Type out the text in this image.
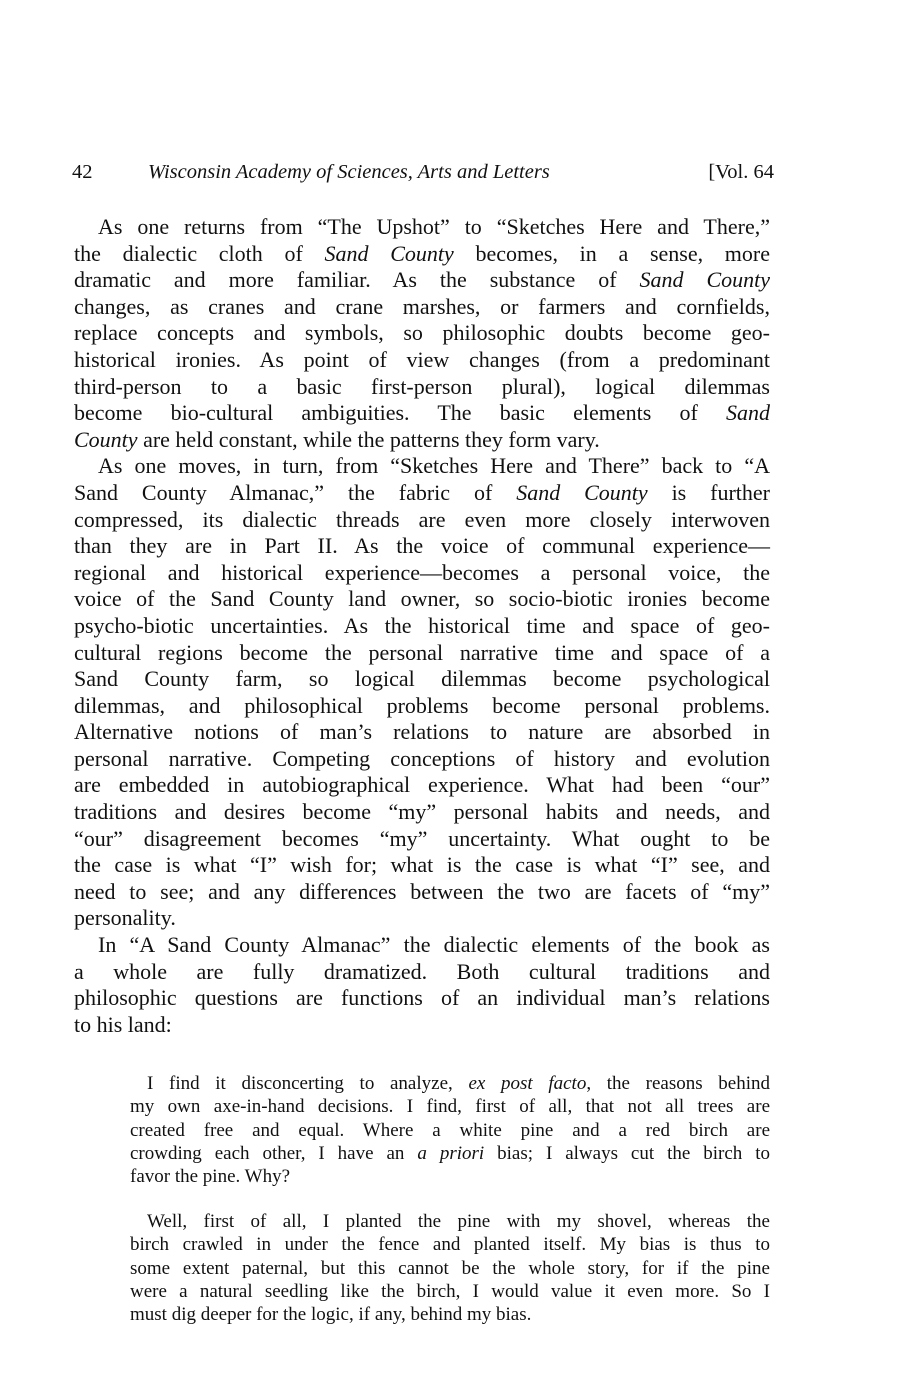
42	Wisconsin Academy of Sciences, Arts and Letters	[Vol. 64
As one returns from “The Upshot” to “Sketches Here and There,”
the dialectic cloth of Sand County becomes, in a sense, more
dramatic and more familiar. As the substance of Sand County
changes, as cranes and crane marshes, or farmers and cornfields,
replace concepts and symbols, so philosophic doubts become geo-
historical ironies. As point of view changes (from a predominant
third-person to a basic first-person plural), logical dilemmas
become bio-cultural ambiguities. The basic elements of Sand
County are held constant, while the patterns they form vary.
As one moves, in turn, from “Sketches Here and There” back to “A
Sand County Almanac,” the fabric of Sand County is further
compressed, its dialectic threads are even more closely interwoven
than they are in Part II. As the voice of communal experience—
regional and historical experience—becomes a personal voice, the
voice of the Sand County land owner, so socio-biotic ironies become
psycho-biotic uncertainties. As the historical time and space of geo-
cultural regions become the personal narrative time and space of a
Sand County farm, so logical dilemmas become psychological
dilemmas, and philosophical problems become personal problems.
Alternative notions of man’s relations to nature are absorbed in
personal narrative. Competing conceptions of history and evolution
are embedded in autobiographical experience. What had been “our”
traditions and desires become “my” personal habits and needs, and
“our” disagreement becomes “my” uncertainty. What ought to be
the case is what “I” wish for; what is the case is what “I” see, and
need to see; and any differences between the two are facets of “my”
personality.
In “A Sand County Almanac” the dialectic elements of the book as
a whole are fully dramatized. Both cultural traditions and
philosophic questions are functions of an individual man’s relations
to his land:
I find it disconcerting to analyze, ex post facto, the reasons behind
my own axe-in-hand decisions. I find, first of all, that not all trees are
created free and equal. Where a white pine and a red birch are
crowding each other, I have an a priori bias; I always cut the birch to
favor the pine. Why?
Well, first of all, I planted the pine with my shovel, whereas the
birch crawled in under the fence and planted itself. My bias is thus to
some extent paternal, but this cannot be the whole story, for if the pine
were a natural seedling like the birch, I would value it even more. So I
must dig deeper for the logic, if any, behind my bias.
